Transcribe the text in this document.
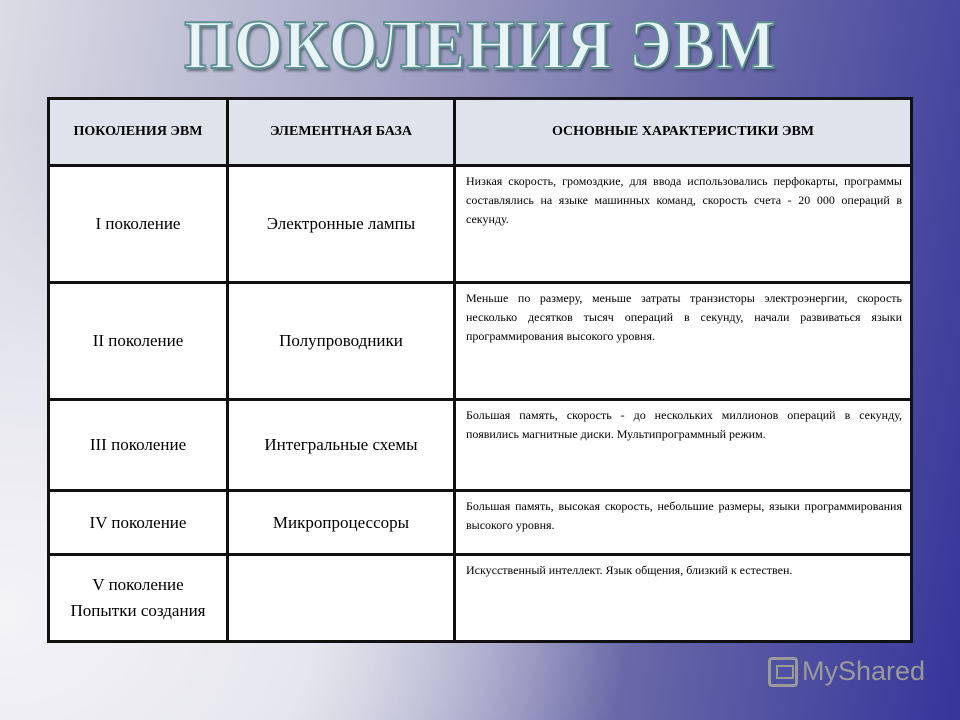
ПОКОЛЕНИЯ ЭВМ
ПОКОЛЕНИЯ ЭВМ	ЭЛЕМЕНТНАЯ БАЗА	ОСНОВНЫЕ ХАРАКТЕРИСТИКИ ЭВМ
I поколение	Электронные лампы	Низкая скорость, громоздкие, для ввода использовались перфокарты, программы составлялись на языке машинных команд, скорость счета - 20 000 операций в секунду.
II поколение	Полупроводники	Меньше по размеру, меньше затраты транзисторы электроэнергии, скорость несколько десятков тысяч операций в секунду, начали развиваться языки программирования высокого уровня.
III поколение	Интегральные схемы	Большая память, скорость - до нескольких миллионов операций в секунду, появились магнитные диски. Мультипрограммный режим.
IV поколение	Микропроцессоры	Большая память, высокая скорость, небольшие размеры, языки программирования высокого уровня.
V поколение Попытки создания		Искусственный интеллект. Язык общения, близкий к естествен.
MyShared
